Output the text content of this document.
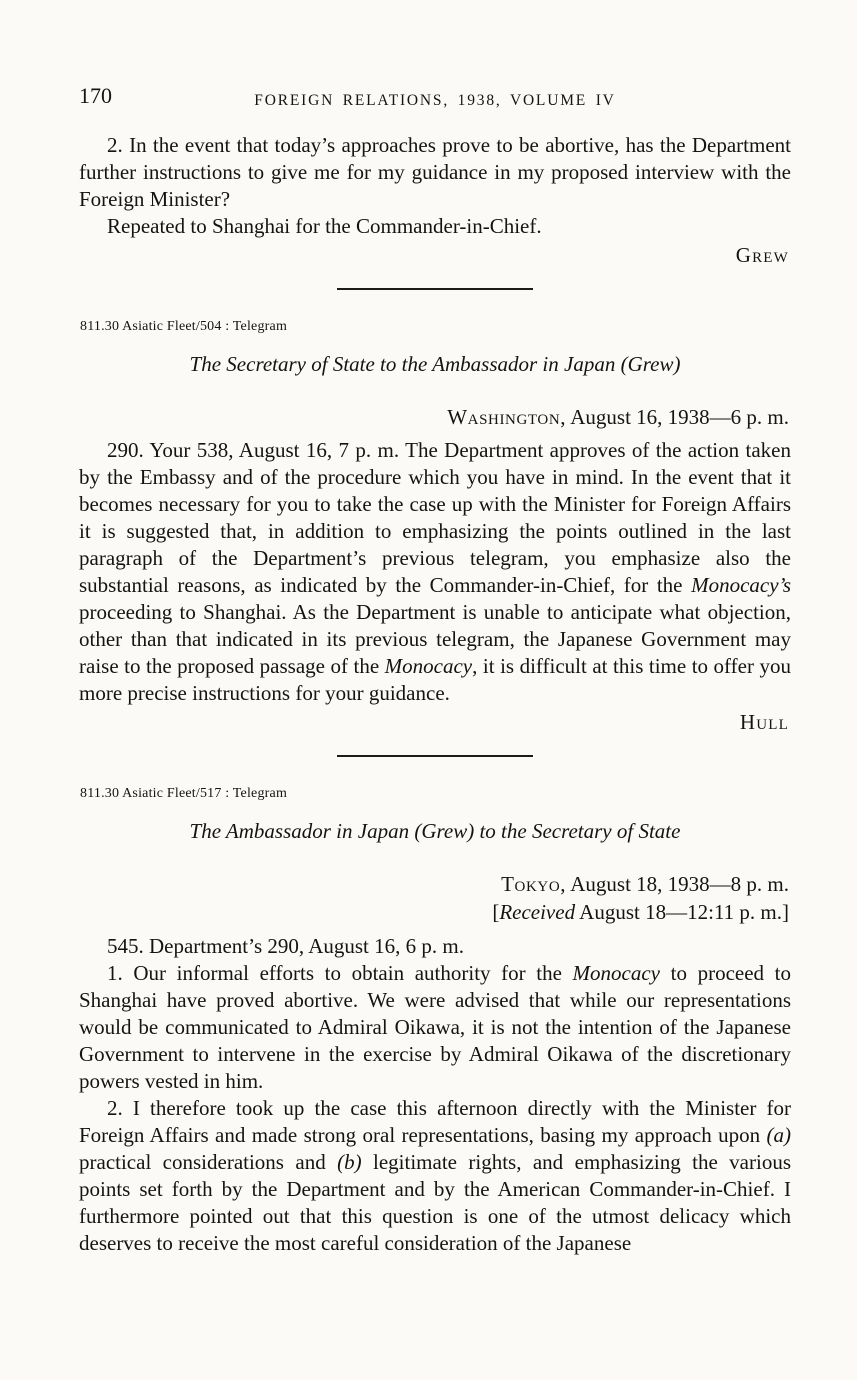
170	FOREIGN RELATIONS, 1938, VOLUME IV

2. In the event that today’s approaches prove to be abortive, has the Department further instructions to give me for my guidance in my proposed interview with the Foreign Minister?

Repeated to Shanghai for the Commander-in-Chief.

Grew

811.30 Asiatic Fleet/504 : Telegram

The Secretary of State to the Ambassador in Japan (Grew)

Washington, August 16, 1938—6 p. m.

290. Your 538, August 16, 7 p. m. The Department approves of the action taken by the Embassy and of the procedure which you have in mind. In the event that it becomes necessary for you to take the case up with the Minister for Foreign Affairs it is suggested that, in addition to emphasizing the points outlined in the last paragraph of the Department’s previous telegram, you emphasize also the substantial reasons, as indicated by the Commander-in-Chief, for the Monocacy’s proceeding to Shanghai. As the Department is unable to anticipate what objection, other than that indicated in its previous telegram, the Japanese Government may raise to the proposed passage of the Monocacy, it is difficult at this time to offer you more precise instructions for your guidance.

Hull

811.30 Asiatic Fleet/517 : Telegram

The Ambassador in Japan (Grew) to the Secretary of State

Tokyo, August 18, 1938—8 p. m.

[Received August 18—12:11 p. m.]

545. Department’s 290, August 16, 6 p. m.

1. Our informal efforts to obtain authority for the Monocacy to proceed to Shanghai have proved abortive. We were advised that while our representations would be communicated to Admiral Oikawa, it is not the intention of the Japanese Government to intervene in the exercise by Admiral Oikawa of the discretionary powers vested in him.

2. I therefore took up the case this afternoon directly with the Minister for Foreign Affairs and made strong oral representations, basing my approach upon (a) practical considerations and (b) legitimate rights, and emphasizing the various points set forth by the Department and by the American Commander-in-Chief. I furthermore pointed out that this question is one of the utmost delicacy which deserves to receive the most careful consideration of the Japanese
